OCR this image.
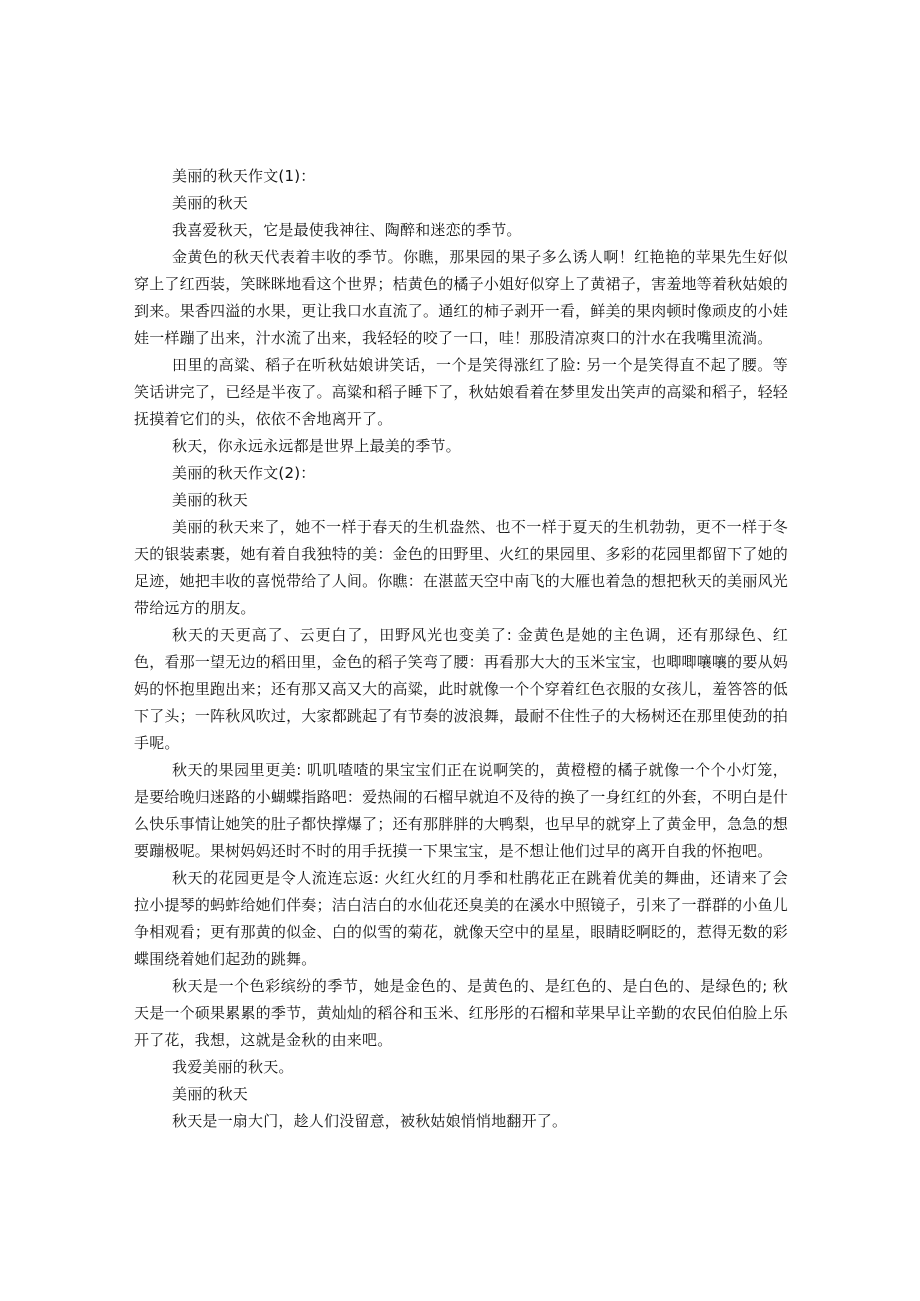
美丽的秋天作文(1)：

美丽的秋天

我喜爱秋天，它是最使我神往、陶醉和迷恋的季节。

金黄色的秋天代表着丰收的季节。你瞧，那果园的果子多么诱人啊！红艳艳的苹果先生好似穿上了红西装，笑眯眯地看这个世界；桔黄色的橘子小姐好似穿上了黄裙子，害羞地等着秋姑娘的到来。果香四溢的水果，更让我口水直流了。通红的柿子剥开一看，鲜美的果肉顿时像顽皮的小娃娃一样蹦了出来，汁水流了出来，我轻轻的咬了一口，哇！那股清凉爽口的汁水在我嘴里流淌。

田里的高粱、稻子在听秋姑娘讲笑话，一个是笑得涨红了脸: 另一个是笑得直不起了腰。等笑话讲完了，已经是半夜了。高粱和稻子睡下了，秋姑娘看着在梦里发出笑声的高粱和稻子，轻轻抚摸着它们的头，依依不舍地离开了。

秋天，你永远永远都是世界上最美的季节。

美丽的秋天作文(2)：

美丽的秋天

美丽的秋天来了，她不一样于春天的生机盎然、也不一样于夏天的生机勃勃，更不一样于冬天的银装素裹，她有着自我独特的美：金色的田野里、火红的果园里、多彩的花园里都留下了她的足迹，她把丰收的喜悦带给了人间。你瞧：在湛蓝天空中南飞的大雁也着急的想把秋天的美丽风光带给远方的朋友。

秋天的天更高了、云更白了，田野风光也变美了: 金黄色是她的主色调，还有那绿色、红色，看那一望无边的稻田里，金色的稻子笑弯了腰：再看那大大的玉米宝宝，也唧唧嚷嚷的要从妈妈的怀抱里跑出来；还有那又高又大的高粱，此时就像一个个穿着红色衣服的女孩儿，羞答答的低下了头；一阵秋风吹过，大家都跳起了有节奏的波浪舞，最耐不住性子的大杨树还在那里使劲的拍手呢。

秋天的果园里更美: 叽叽喳喳的果宝宝们正在说啊笑的，黄橙橙的橘子就像一个个小灯笼，是要给晚归迷路的小蝴蝶指路吧：爱热闹的石榴早就迫不及待的换了一身红红的外套，不明白是什么快乐事情让她笑的肚子都快撑爆了；还有那胖胖的大鸭梨，也早早的就穿上了黄金甲，急急的想要蹦极呢。果树妈妈还时不时的用手抚摸一下果宝宝，是不想让他们过早的离开自我的怀抱吧。

秋天的花园更是令人流连忘返: 火红火红的月季和杜鹃花正在跳着优美的舞曲，还请来了会拉小提琴的蚂蚱给她们伴奏；洁白洁白的水仙花还臭美的在溪水中照镜子，引来了一群群的小鱼儿争相观看；更有那黄的似金、白的似雪的菊花，就像天空中的星星，眼睛眨啊眨的，惹得无数的彩蝶围绕着她们起劲的跳舞。

秋天是一个色彩缤纷的季节，她是金色的、是黄色的、是红色的、是白色的、是绿色的; 秋天是一个硕果累累的季节，黄灿灿的稻谷和玉米、红彤彤的石榴和苹果早让辛勤的农民伯伯脸上乐开了花，我想，这就是金秋的由来吧。

我爱美丽的秋天。

美丽的秋天

秋天是一扇大门，趁人们没留意，被秋姑娘悄悄地翻开了。
